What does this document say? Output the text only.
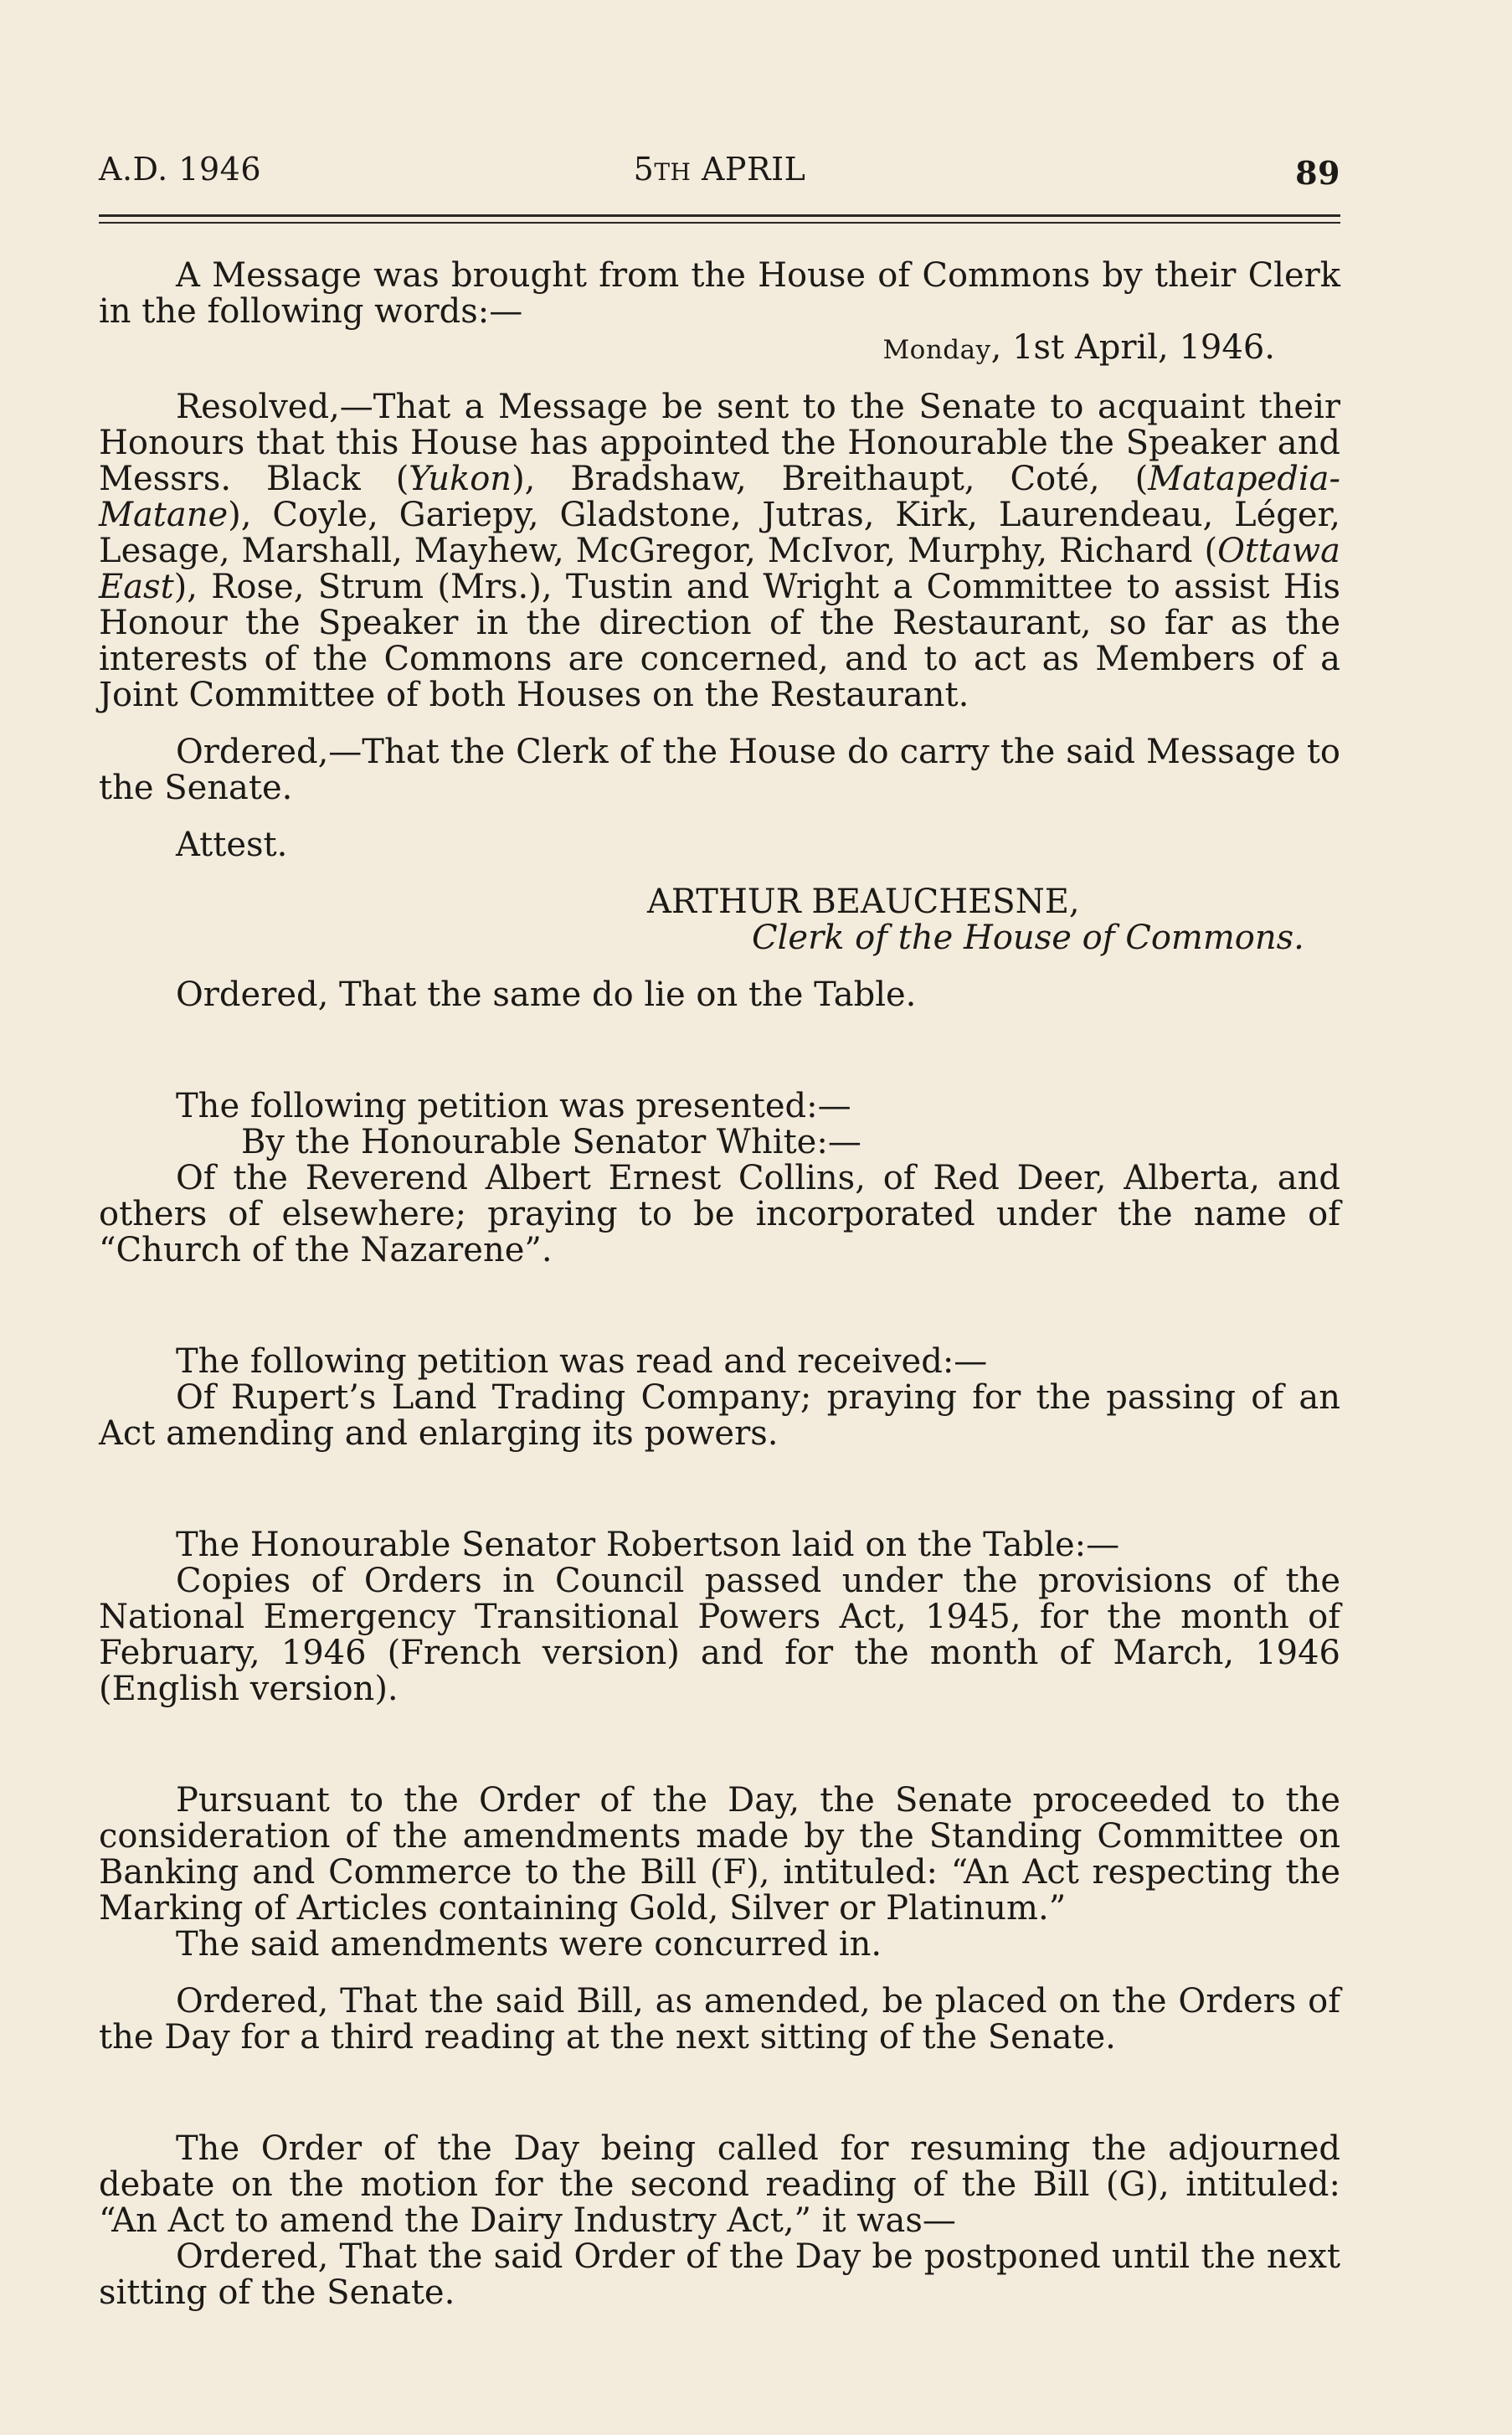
A.D. 1946	5TH APRIL	89

A Message was brought from the House of Commons by their Clerk in the following words:—

Monday, 1st April, 1946.

Resolved,—That a Message be sent to the Senate to acquaint their Honours that this House has appointed the Honourable the Speaker and Messrs. Black (Yukon), Bradshaw, Breithaupt, Coté, (Matapedia-Matane), Coyle, Gariepy, Gladstone, Jutras, Kirk, Laurendeau, Léger, Lesage, Marshall, Mayhew, McGregor, McIvor, Murphy, Richard (Ottawa East), Rose, Strum (Mrs.), Tustin and Wright a Committee to assist His Honour the Speaker in the direction of the Restaurant, so far as the interests of the Commons are concerned, and to act as Members of a Joint Committee of both Houses on the Restaurant.

Ordered,—That the Clerk of the House do carry the said Message to the Senate.

Attest.

ARTHUR BEAUCHESNE,

Clerk of the House of Commons.

Ordered, That the same do lie on the Table.

The following petition was presented:—

By the Honourable Senator White:—

Of the Reverend Albert Ernest Collins, of Red Deer, Alberta, and others of elsewhere; praying to be incorporated under the name of “Church of the Nazarene”.

The following petition was read and received:—

Of Rupert’s Land Trading Company; praying for the passing of an Act amending and enlarging its powers.

The Honourable Senator Robertson laid on the Table:—

Copies of Orders in Council passed under the provisions of the National Emergency Transitional Powers Act, 1945, for the month of February, 1946 (French version) and for the month of March, 1946 (English version).

Pursuant to the Order of the Day, the Senate proceeded to the consideration of the amendments made by the Standing Committee on Banking and Commerce to the Bill (F), intituled: “An Act respecting the Marking of Articles containing Gold, Silver or Platinum.”

The said amendments were concurred in.

Ordered, That the said Bill, as amended, be placed on the Orders of the Day for a third reading at the next sitting of the Senate.

The Order of the Day being called for resuming the adjourned debate on the motion for the second reading of the Bill (G), intituled: “An Act to amend the Dairy Industry Act,” it was—

Ordered, That the said Order of the Day be postponed until the next sitting of the Senate.
